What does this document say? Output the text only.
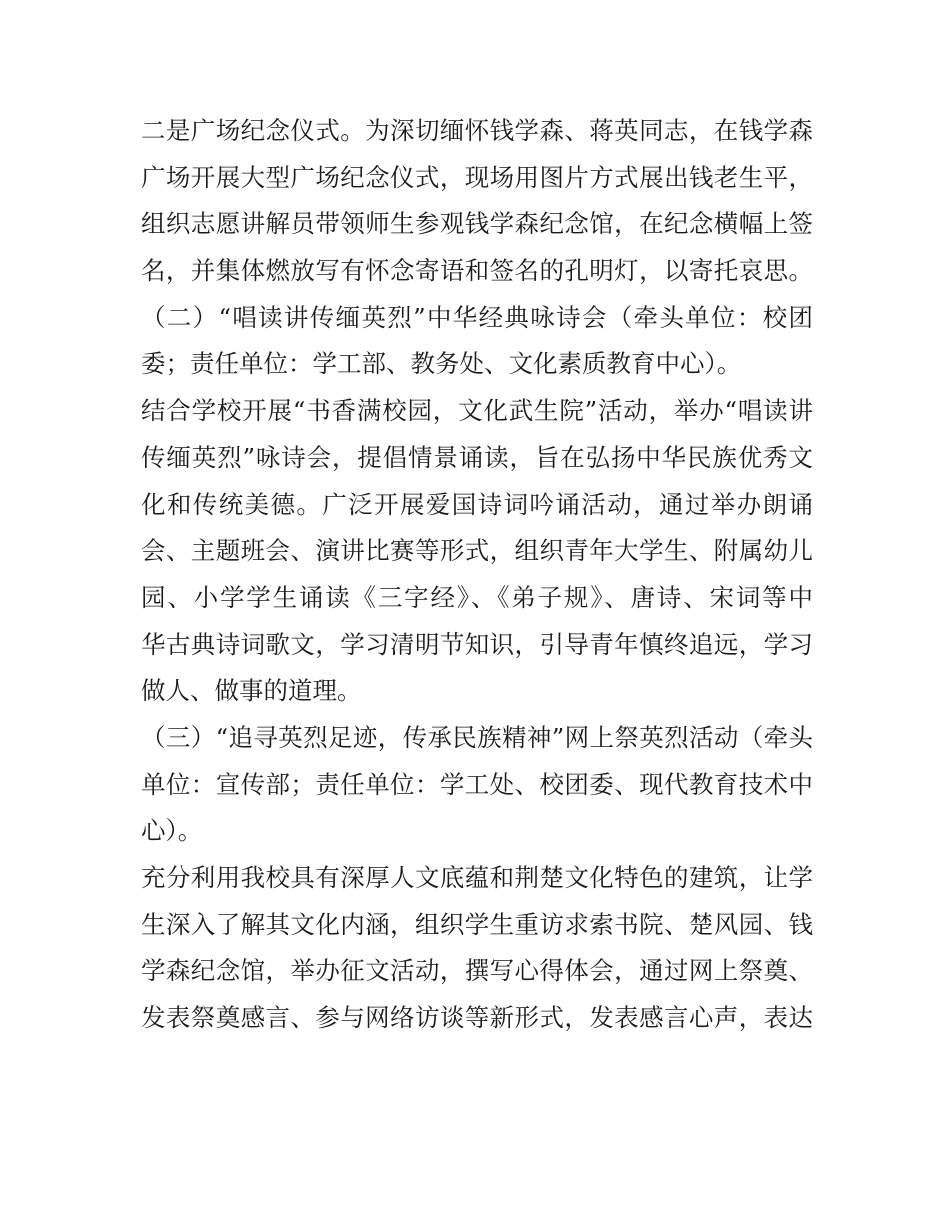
二是广场纪念仪式。为深切缅怀钱学森、蒋英同志，在钱学森
广场开展大型广场纪念仪式，现场用图片方式展出钱老生平，
组织志愿讲解员带领师生参观钱学森纪念馆，在纪念横幅上签
名，并集体燃放写有怀念寄语和签名的孔明灯，以寄托哀思。
（二）“唱读讲传缅英烈”中华经典咏诗会（牵头单位：校团
委；责任单位：学工部、教务处、文化素质教育中心）。
结合学校开展“书香满校园，文化武生院”活动，举办“唱读讲
传缅英烈”咏诗会，提倡情景诵读，旨在弘扬中华民族优秀文
化和传统美德。广泛开展爱国诗词吟诵活动，通过举办朗诵
会、主题班会、演讲比赛等形式，组织青年大学生、附属幼儿
园、小学学生诵读《三字经》、《弟子规》、唐诗、宋词等中
华古典诗词歌文，学习清明节知识，引导青年慎终追远，学习
做人、做事的道理。
（三）“追寻英烈足迹，传承民族精神”网上祭英烈活动（牵头
单位：宣传部；责任单位：学工处、校团委、现代教育技术中
心）。
充分利用我校具有深厚人文底蕴和荆楚文化特色的建筑，让学
生深入了解其文化内涵，组织学生重访求索书院、楚风园、钱
学森纪念馆，举办征文活动，撰写心得体会，通过网上祭奠、
发表祭奠感言、参与网络访谈等新形式，发表感言心声，表达
